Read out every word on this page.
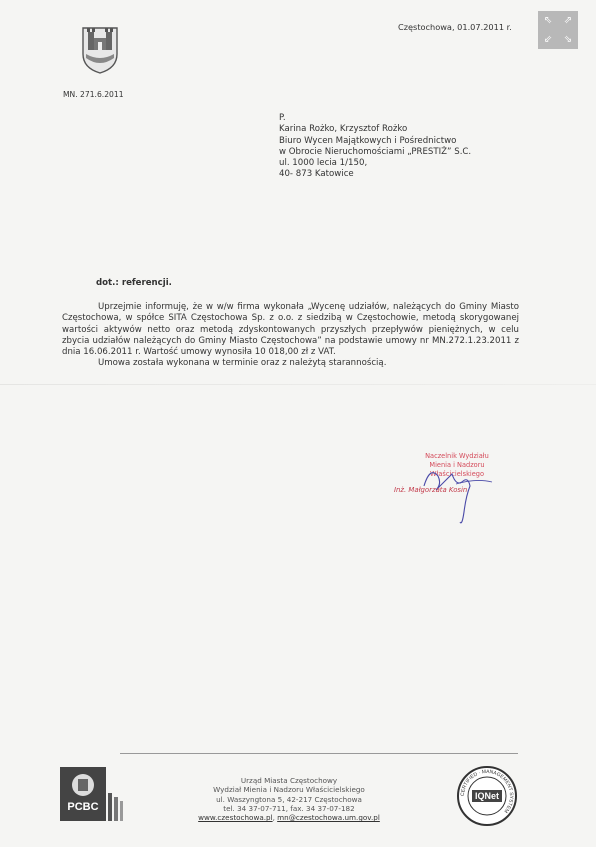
Częstochowa, 01.07.2011 r.
MN. 271.6.2011
⇖	⇗
⇙	⇘
P.
Karina Rożko, Krzysztof Rożko
Biuro Wycen Majątkowych i Pośrednictwo
w Obrocie Nieruchomościami „PRESTIŻ” S.C.
ul. 1000 lecia 1/150,
40- 873 Katowice
dot.: referencji.

Uprzejmie informuję, że w w/w firma wykonała „Wycenę udziałów, należących do Gminy Miasto Częstochowa, w spółce SITA Częstochowa Sp. z o.o. z siedzibą w Częstochowie, metodą skorygowanej wartości aktywów netto oraz metodą zdyskontowanych przyszłych przepływów pieniężnych, w celu zbycia udziałów należących do Gminy Miasto Częstochowa” na podstawie umowy nr MN.272.1.23.2011 z dnia 16.06.2011 r. Wartość umowy wynosiła 10 018,00 zł z VAT.

Umowa została wykonana w terminie oraz z należytą starannością.

Naczelnik Wydziału
Mienia i Nadzoru Właścicielskiego
Inż. Małgorzata Kosin
PCBC
Urząd Miasta Częstochowy
Wydział Mienia i Nadzoru Właścicielskiego
ul. Waszyngtona 5, 42-217 Częstochowa
tel. 34 37-07-711, fax. 34 37-07-182
www.czestochowa.pl, mn@czestochowa.um.gov.pl
CERTIFIED · MANAGEMENT SYSTEM
IQNet
